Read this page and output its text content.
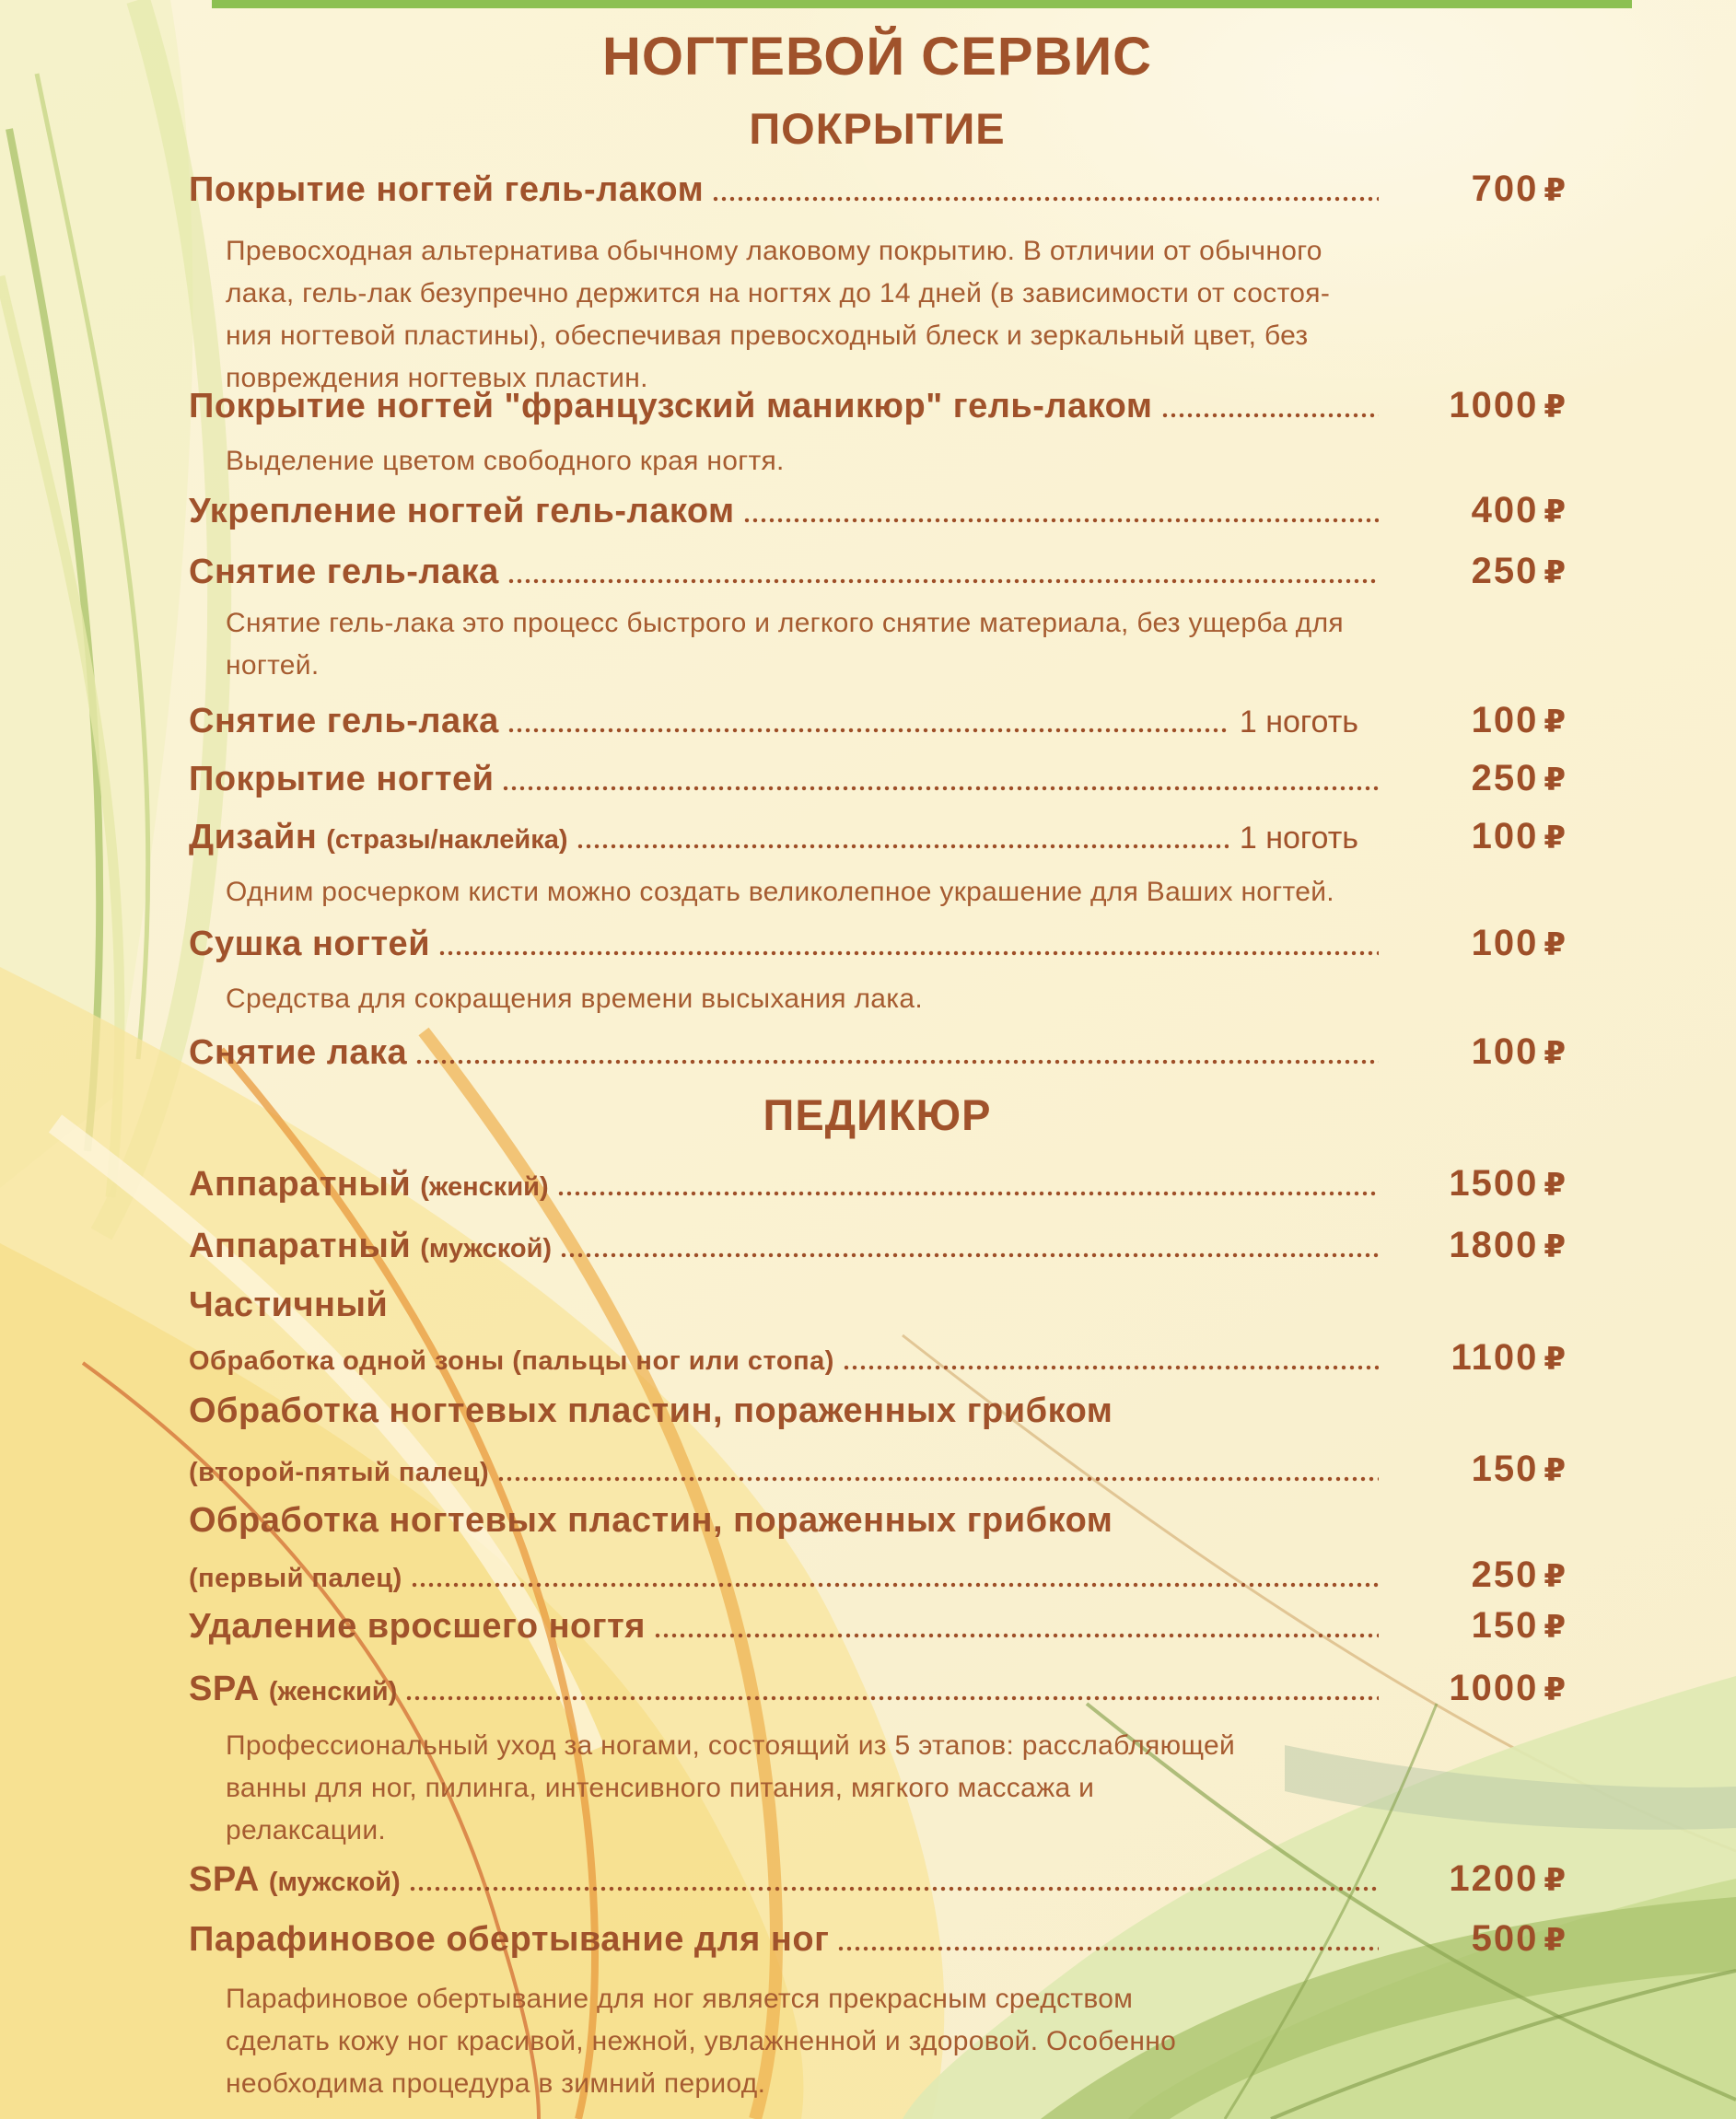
НОГТЕВОЙ СЕРВИС
ПОКРЫТИЕ
Покрытие ногтей гель-лаком	700 ₽
Превосходная альтернатива обычному лаковому покрытию. В отличии от обычного
лака, гель-лак безупречно держится на ногтях до 14 дней (в зависимости от состоя-
ния ногтевой пластины), обеспечивая превосходный блеск и зеркальный цвет, без
повреждения ногтевых пластин.
Покрытие ногтей "французский маникюр" гель-лаком	1000 ₽
Выделение цветом свободного края ногтя.
Укрепление ногтей гель-лаком	400 ₽
Снятие гель-лака	250 ₽
Снятие гель-лака это процесс быстрого и легкого снятие материала, без ущерба для
ногтей.
Снятие гель-лака	1 ноготь	100 ₽
Покрытие ногтей	250 ₽
Дизайн (стразы/наклейка)	1 ноготь	100 ₽
Одним росчерком кисти можно создать великолепное украшение для Ваших ногтей.
Сушка ногтей	100 ₽
Средства для сокращения времени высыхания лака.
Снятие лака	100 ₽
ПЕДИКЮР
Аппаратный (женский)	1500 ₽
Аппаратный (мужской)	1800 ₽
Частичный
Обработка одной зоны (пальцы ног или стопа)	1100 ₽
Обработка ногтевых пластин, пораженных грибком
(второй-пятый палец)	150 ₽
Обработка ногтевых пластин, пораженных грибком
(первый палец)	250 ₽
Удаление вросшего ногтя	150 ₽
SPA (женский)	1000 ₽
Профессиональный уход за ногами, состоящий из 5 этапов: расслабляющей
ванны для ног, пилинга, интенсивного питания, мягкого массажа и
релаксации.
SPA (мужской)	1200 ₽
Парафиновое обертывание для ног	500 ₽
Парафиновое обертывание для ног является прекрасным средством
сделать кожу ног красивой, нежной, увлажненной и здоровой. Особенно
необходима процедура в зимний период.
